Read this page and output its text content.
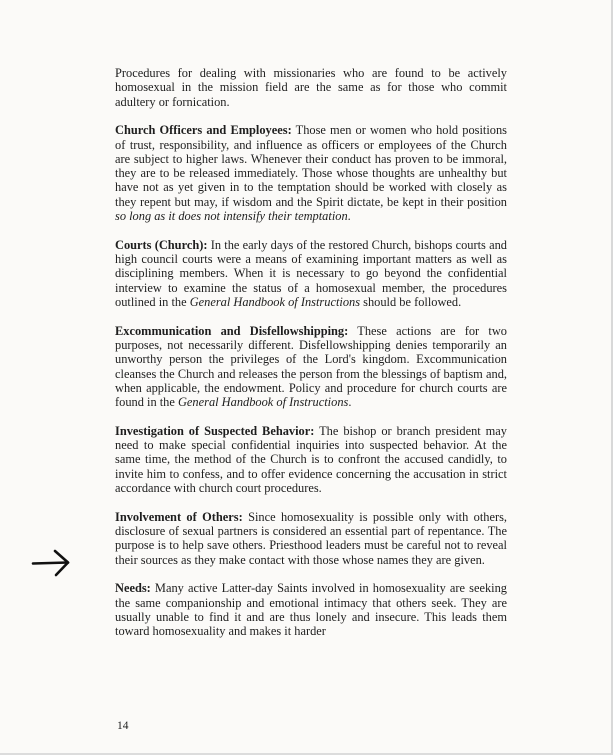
Procedures for dealing with missionaries who are found to be actively homosexual in the mission field are the same as for those who commit adultery or fornication.

Church Officers and Employees: Those men or women who hold positions of trust, responsibility, and influence as officers or employees of the Church are subject to higher laws. Whenever their conduct has proven to be immoral, they are to be released immediately. Those whose thoughts are unhealthy but have not as yet given in to the temptation should be worked with closely as they repent but may, if wisdom and the Spirit dictate, be kept in their position so long as it does not intensify their temptation.

Courts (Church): In the early days of the restored Church, bishops courts and high council courts were a means of examining important matters as well as disciplining members. When it is necessary to go beyond the confidential interview to examine the status of a homosexual member, the procedures outlined in the General Handbook of Instructions should be followed.

Excommunication and Disfellowshipping: These actions are for two purposes, not necessarily different. Disfellowshipping denies temporarily an unworthy person the privileges of the Lord's kingdom. Excommunication cleanses the Church and releases the person from the blessings of baptism and, when applicable, the endowment. Policy and procedure for church courts are found in the General Handbook of Instructions.

Investigation of Suspected Behavior: The bishop or branch president may need to make special confidential inquiries into suspected behavior. At the same time, the method of the Church is to confront the accused candidly, to invite him to confess, and to offer evidence concerning the accusation in strict accordance with church court procedures.

Involvement of Others: Since homosexuality is possible only with others, disclosure of sexual partners is considered an essential part of repentance. The purpose is to help save others. Priesthood leaders must be careful not to reveal their sources as they make contact with those whose names they are given.

Needs: Many active Latter-day Saints involved in homosexuality are seeking the same companionship and emotional intimacy that others seek. They are usually unable to find it and are thus lonely and insecure. This leads them toward homosexuality and makes it harder

14
